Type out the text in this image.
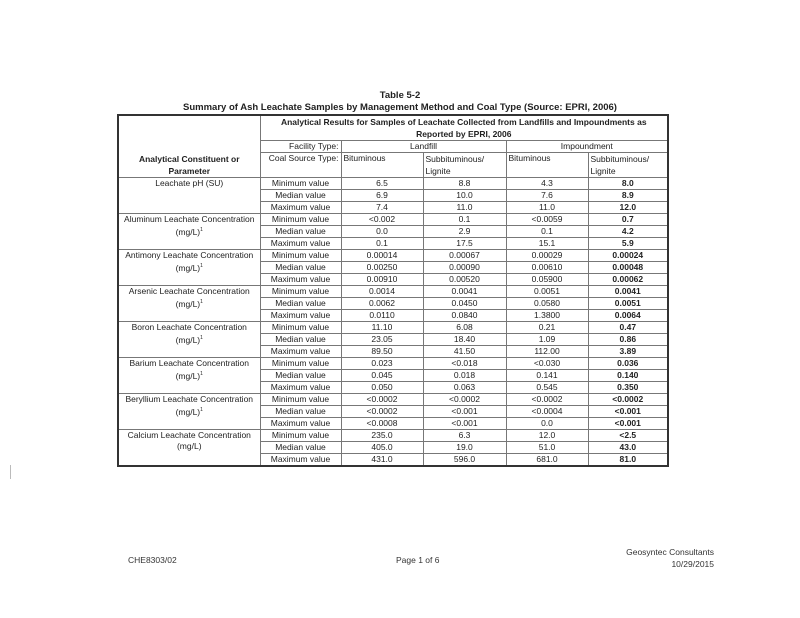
Table 5-2
Summary of Ash Leachate Samples by Management Method and Coal Type (Source: EPRI, 2006)
Analytical Constituent or Parameter	Analytical Results for Samples of Leachate Collected from Landfills and Impoundments as Reported by EPRI, 2006				
	Facility Type:	Landfill		Impoundment	
	Coal Source Type:	Bituminous	Subbituminous/ Lignite	Bituminous	Subbituminous/ Lignite

Leachate pH (SU)	Minimum value	6.5	8.8	4.3	8.0
	Median value	6.9	10.0	7.6	8.9
	Maximum value	7.4	11.0	11.0	12.0

Aluminum Leachate Concentration
$(mg/L)^1$	Minimum value	<0.002	0.1	<0.0059	0.7
	Median value	0.0	2.9	0.1	4.2
	Maximum value	0.1	17.5	15.1	5.9

Antimony Leachate Concentration
$(mg/L)^1$	Minimum value	0.00014	0.00067	0.00029	0.00024
	Median value	0.00250	0.00090	0.00610	0.00048
	Maximum value	0.00910	0.00520	0.05900	0.00062

Arsenic Leachate Concentration
$(mg/L)^1$	Minimum value	0.0014	0.0041	0.0051	0.0041
	Median value	0.0062	0.0450	0.0580	0.0051
	Maximum value	0.0110	0.0840	1.3800	0.0064

Boron Leachate Concentration
$(mg/L)^1$	Minimum value	11.10	6.08	0.21	0.47
	Median value	23.05	18.40	1.09	0.86
	Maximum value	89.50	41.50	112.00	3.89

Barium Leachate Concentration
$(mg/L)^1$	Minimum value	0.023	<0.018	<0.030	0.036
	Median value	0.045	0.018	0.141	0.140
	Maximum value	0.050	0.063	0.545	0.350

Beryllium Leachate Concentration
$(mg/L)^1$	Minimum value	<0.0002	<0.0002	<0.0002	<0.0002
	Median value	<0.0002	<0.001	<0.0004	<0.001
	Maximum value	<0.0008	<0.001	0.0	<0.001

Calcium Leachate Concentration
(mg/L)	Minimum value	235.0	6.3	12.0	<2.5
	Median value	405.0	19.0	51.0	43.0
	Maximum value	431.0	596.0	681.0	81.0
CHE8303/02	Page 1 of 6
Geosyntec Consultants
10/29/2015
